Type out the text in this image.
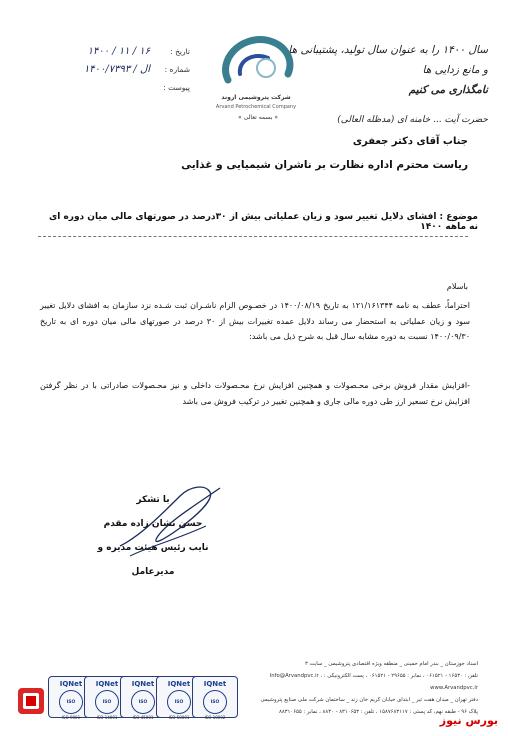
سال ۱۴۰۰ را به عنوان سال تولید، پشتیبانی ها و مانع زدایی ها
نامگذاری می کنیم
حضرت آیت ... خامنه ای (مدظله العالی)
شرکت پتروشیمی اروند
Arvand Petrochemical Company
« بسمه تعالی »
۱۴۰۰ / ۱۱ / ۱۶	تاریخ :
۱۴۰۰/ال / ۷۳۹۳	شماره :
پیوست :
جناب آقای دکتر جعفری
ریاست محترم اداره نظارت بر ناشران شیمیایی و غذایی
موضوع : افشای دلایل تغییر سود و زیان عملیاتی بیش از ۳۰درصد در صورتهای مالی میان دوره ای نه ماهه ۱۴۰۰
باسلام
احتراماً، عطف به نامه ۱۲۱/۱۶۱۳۴۴ به تاریخ ۱۴۰۰/۰۸/۱۹ در خصـوص الزام ناشـران ثبت شـده نزد سازمان به افشای دلایل تغییر سود و زیان عملیاتی به استحضار می رساند دلایل عمده تغییرات بیش از ۳۰ درصد در صورتهای مالی میان دوره ای به تاریخ ۱۴۰۰/۰۹/۳۰ نسبت به دوره مشابه سال قبل به شرح ذیل می باشد:
-افزایش مقدار فروش برخی محـصولات و همچنین افزایش نرخ محـصولات داخلی و نیز محـصولات صادراتی با در نظر گرفتن افزایش نرخ تسعیر ارز طی دوره مالی جاری و همچنین تغییر در ترکیب فروش می باشد
با تشکر
حسن نشان زاده مقدم
نایب رئیس هیئت مدیره و مدیرعامل
اسناد خوزستان _ بندر امام خمینی _ منطقه ویژه اقتصادی پتروشیمی _ سایت ۳
تلفن : ۱۶۵۳۰ - ۰۶۱۵۲۱ ، نمابر : ۲۹۶۵۵ - ۰۶۱۵۲۱ ، پست الکترونیکی : Info@Arvandpvc.ir ، www.Arvandpvc.ir
دفتر تهران _ میدان هفت تیر _ ابتدای خیابان کریم خان زند _ ساختمان شرکت ملی صنایع پتروشیمی
پلاک ۹۶ - طبقه نهم، کد پستی : ۱۵۸۷۶۸۳۱۱۷ ، تلفن : ۸۳۱۰۶۵۳ - ۸۸۳۰ ، نمابر : ۸۸۳۱۰۶۵۵
IQNet
ISO
ISO 9001
IQNet
ISO
ISO 14001
IQNet
ISO
ISO 45001
IQNet
ISO
ISO 50001
IQNet
ISO
ISO 10002	بورس نیوز
